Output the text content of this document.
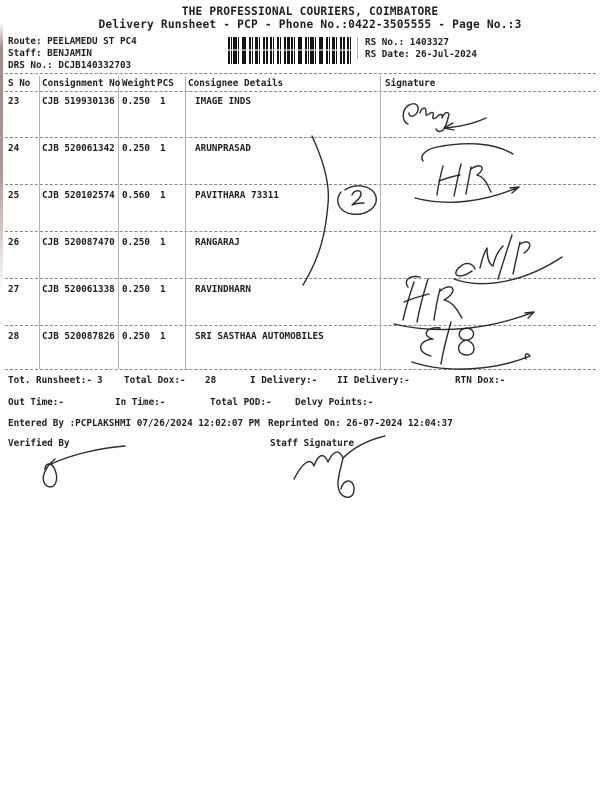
THE PROFESSIONAL COURIERS, COIMBATORE
Delivery Runsheet - PCP - Phone No.:0422-3505555 - Page No.:3
Route: PEELAMEDU ST PC4
Staff: BENJAMIN
DRS No.: DCJB140332703
RS No.: 1403327
RS Date: 26-Jul-2024
S No Consignment No Weight PCS Consignee Details	Signature
23 CJB 519930136 0.250 1	IMAGE INDS
24 CJB 520061342 0.250 1	ARUNPRASAD
25 CJB 520102574 0.560 1	PAVITHARA 73311
26 CJB 520087470 0.250 1	RANGARAJ
27 CJB 520061338 0.250 1	RAVINDHARN
28 CJB 520087826 0.250 1	SRI SASTHAA AUTOMOBILES
Tot. Runsheet:- 3 Total Dox:- 28	I Delivery:- II Delivery:-	RTN Dox:-
Out Time:-	In Time:-	Total POD:-	Delvy Points:-
Entered By :PCPLAKSHMI 07/26/2024 12:02:07 PM Reprinted On: 26-07-2024 12:04:37
Verified By	Staff Signature
